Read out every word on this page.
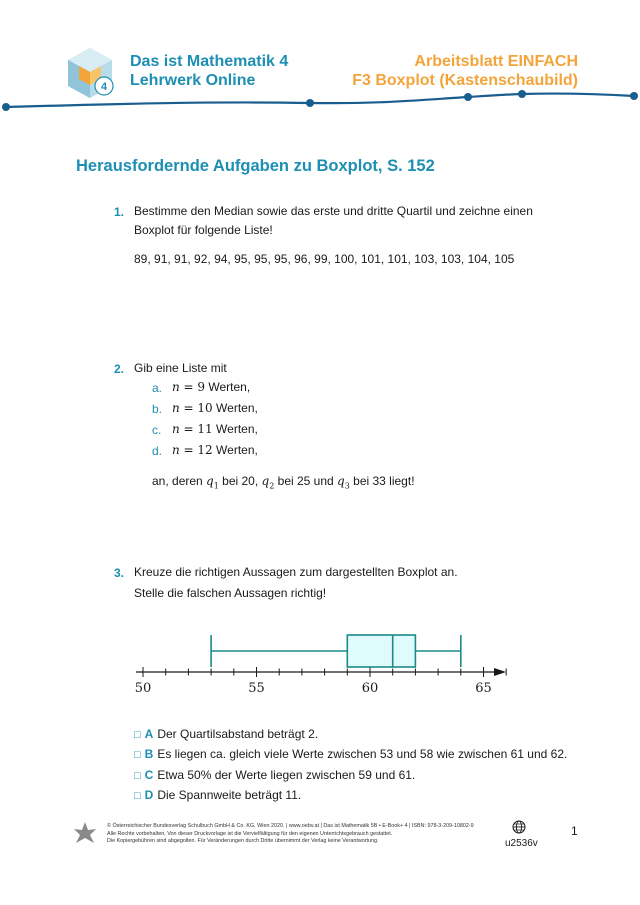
4
Das ist Mathematik 4
Lehrwerk Online
Arbeitsblatt EINFACH
F3 Boxplot (Kastenschaubild)
Herausfordernde Aufgaben zu Boxplot, S. 152
1. Bestimme den Median sowie das erste und dritte Quartil und zeichne einen
Boxplot für folgende Liste!
89, 91, 91, 92, 94, 95, 95, 95, 96, 99, 100, 101, 101, 103, 103, 104, 105
2. Gib eine Liste mit
a. n = 9 Werten,
b. n = 10 Werten,
c. n = 11 Werten,
d. n = 12 Werten,
an, deren $q_1$ bei 20, $q_2$ bei 25 und $q_3$ bei 33 liegt!
3. Kreuze die richtigen Aussagen zum dargestellten Boxplot an.
Stelle die falschen Aussagen richtig!
50	55	60	65
□ A Der Quartilsabstand beträgt 2.
□ B Es liegen ca. gleich viele Werte zwischen 53 und 58 wie zwischen 61 und 62.
□ C Etwa 50% der Werte liegen zwischen 59 und 61.
□ D Die Spannweite beträgt 11.
© Österreichischer Bundesverlag Schulbuch GmbH & Co. KG, Wien 2020. | www.oebv.at | Das ist Mathematik 5B • E-Book+ 4 | ISBN: 978-3-209-10802-9
Alle Rechte vorbehalten. Von dieser Druckvorlage ist die Vervielfältigung für den eigenen Unterrichtsgebrauch gestattet.
Die Kopiergebühren sind abgegolten. Für Veränderungen durch Dritte übernimmt der Verlag keine Verantwortung.	u2536v
1
